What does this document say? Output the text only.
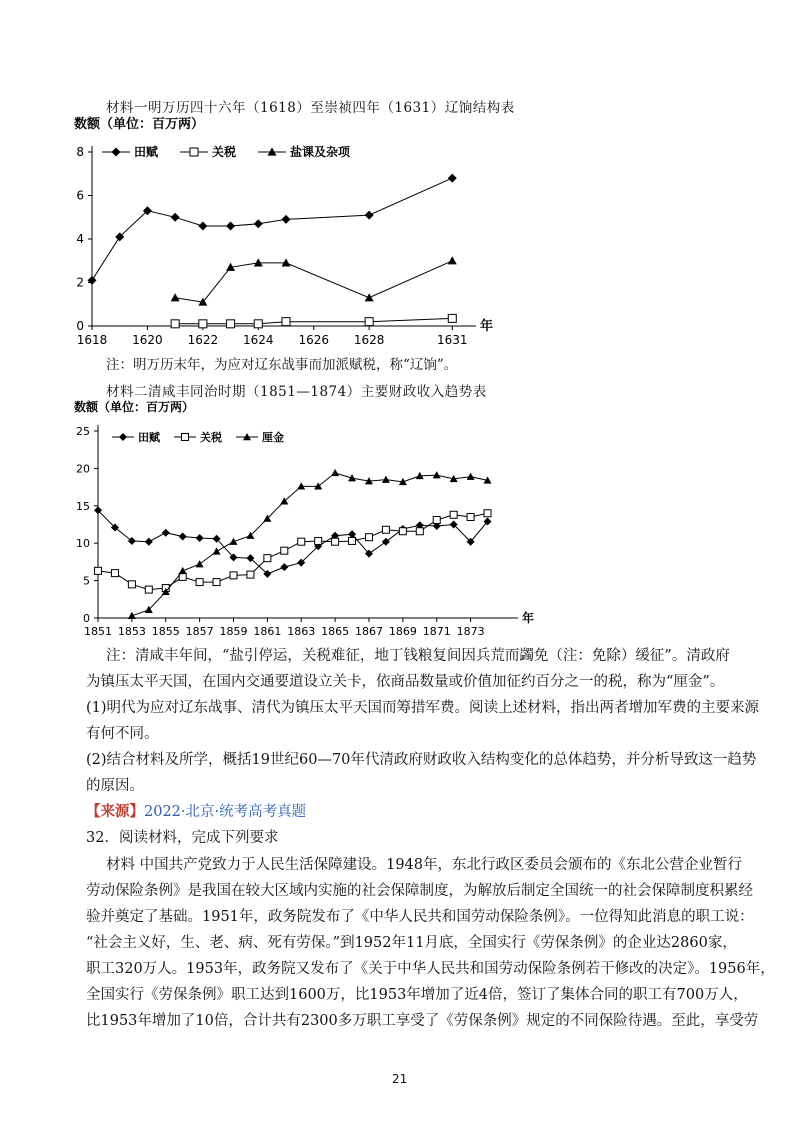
材料一明万历四十六年（1618）至崇祯四年（1631）辽饷结构表
数额（单位：百万两）
0
2
4
6
8
1618 1620 1622 1624 1626 1628	1631
年
田赋	关税	盐课及杂项
注：明万历末年，为应对辽东战事而加派赋税，称“辽饷”。
材料二清咸丰同治时期（1851—1874）主要财政收入趋势表
数额（单位：百万两）
0
5
10
15
20
25
1851 1853 1855 1857 1859 1861 1863 1865 1867 1869 1871 1873
年
田赋	关税	厘金
注：清咸丰年间，“盐引停运，关税难征，地丁钱粮复间因兵荒而蠲免（注：免除）缓征”。清政府
为镇压太平天国，在国内交通要道设立关卡，依商品数量或价值加征约百分之一的税，称为“厘金”。
(1)明代为应对辽东战事、清代为镇压太平天国而筹措军费。阅读上述材料，指出两者增加军费的主要来源
有何不同。
(2)结合材料及所学，概括19世纪60—70年代清政府财政收入结构变化的总体趋势，并分析导致这一趋势
的原因。
【来源】2022·北京·统考高考真题
32．阅读材料，完成下列要求
材料 中国共产党致力于人民生活保障建设。1948年，东北行政区委员会颁布的《东北公营企业暂行
劳动保险条例》是我国在较大区域内实施的社会保障制度，为解放后制定全国统一的社会保障制度积累经
验并奠定了基础。1951年，政务院发布了《中华人民共和国劳动保险条例》。一位得知此消息的职工说：
“社会主义好，生、老、病、死有劳保。”到1952年11月底，全国实行《劳保条例》的企业达2860家，
职工320万人。1953年，政务院又发布了《关于中华人民共和国劳动保险条例若干修改的决定》。1956年，
全国实行《劳保条例》职工达到1600万，比1953年增加了近4倍，签订了集体合同的职工有700万人，
比1953年增加了10倍，合计共有2300多万职工享受了《劳保条例》规定的不同保险待遇。至此，享受劳
21
